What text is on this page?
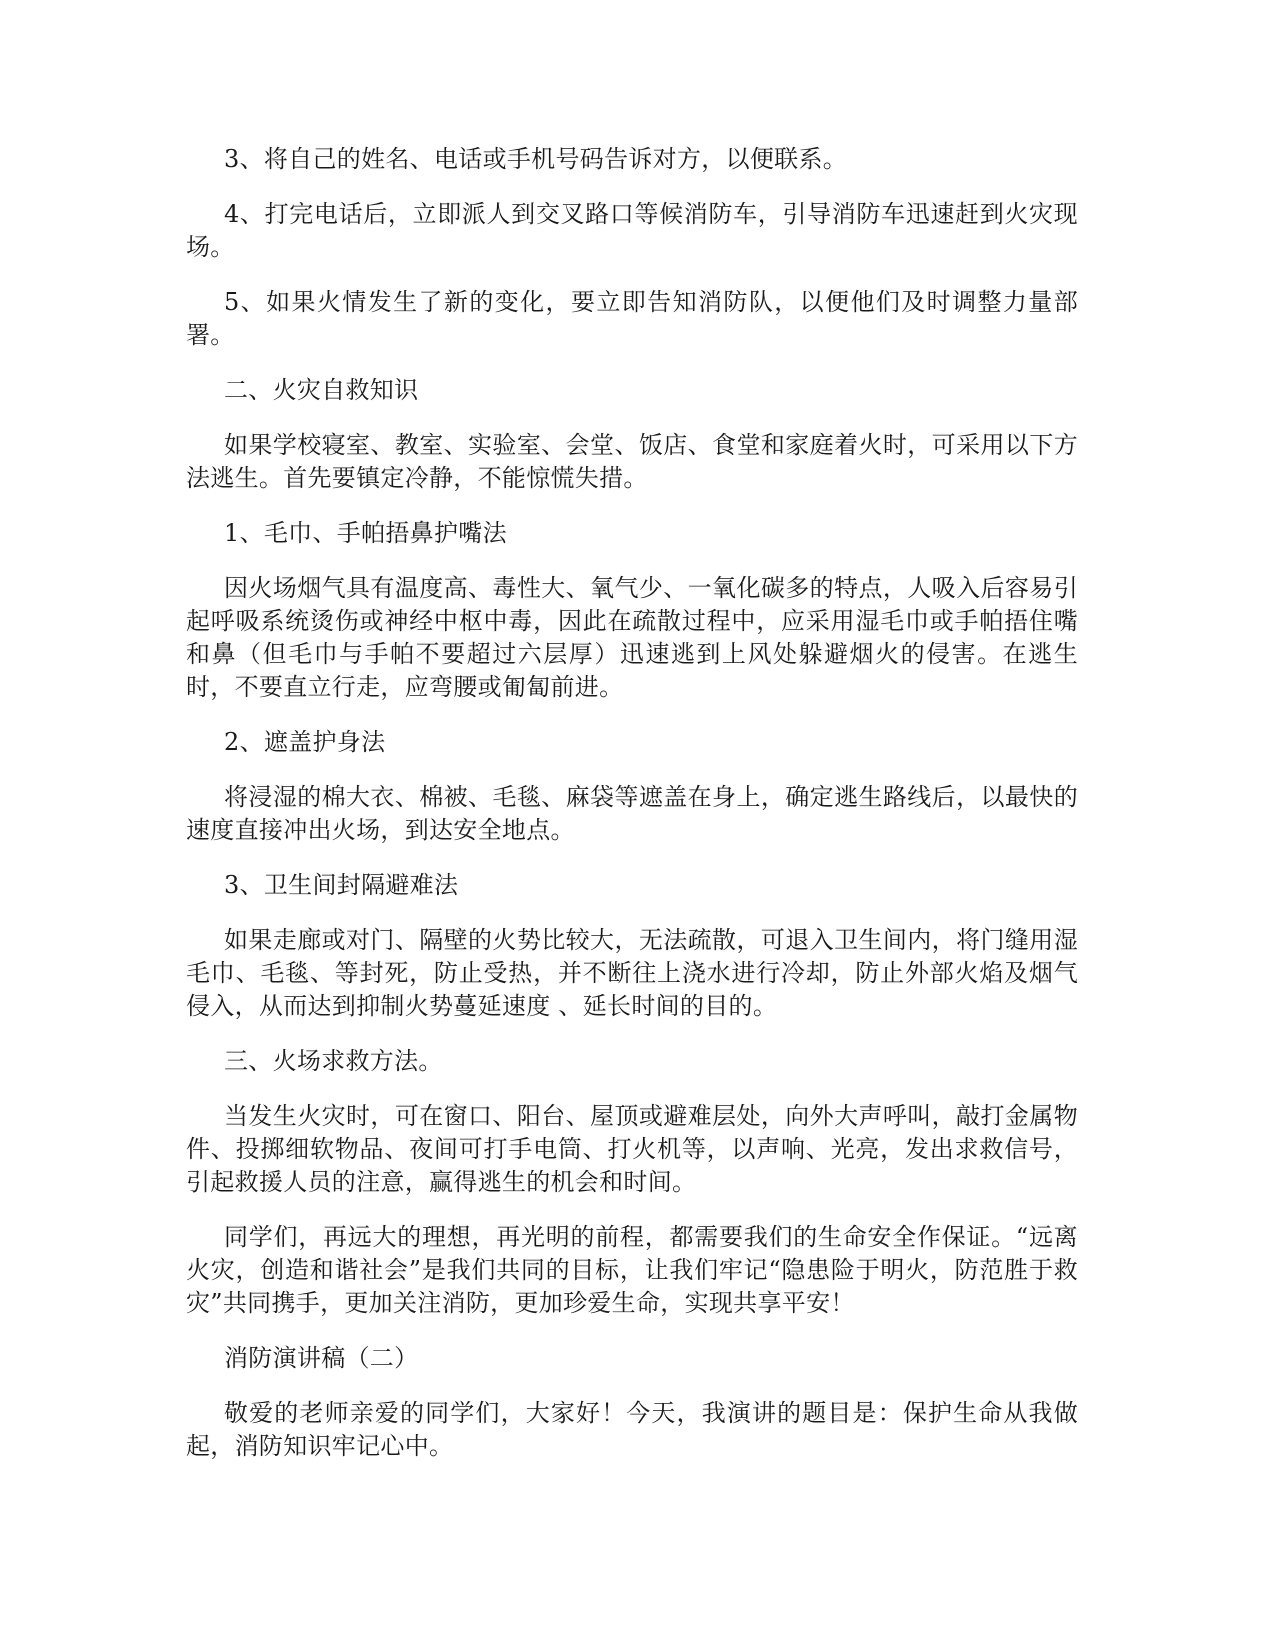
3、将自己的姓名、电话或手机号码告诉对方，以便联系。

4、打完电话后，立即派人到交叉路口等候消防车，引导消防车迅速赶到火灾现场。

5、如果火情发生了新的变化，要立即告知消防队，以便他们及时调整力量部署。

二、火灾自救知识

如果学校寝室、教室、实验室、会堂、饭店、食堂和家庭着火时，可采用以下方法逃生。首先要镇定冷静，不能惊慌失措。

1、毛巾、手帕捂鼻护嘴法

因火场烟气具有温度高、毒性大、氧气少、一氧化碳多的特点，人吸入后容易引起呼吸系统烫伤或神经中枢中毒，因此在疏散过程中，应采用湿毛巾或手帕捂住嘴和鼻（但毛巾与手帕不要超过六层厚）迅速逃到上风处躲避烟火的侵害。在逃生时，不要直立行走，应弯腰或匍匐前进。

2、遮盖护身法

将浸湿的棉大衣、棉被、毛毯、麻袋等遮盖在身上，确定逃生路线后，以最快的速度直接冲出火场，到达安全地点。

3、卫生间封隔避难法

如果走廊或对门、隔壁的火势比较大，无法疏散，可退入卫生间内，将门缝用湿毛巾、毛毯、等封死，防止受热，并不断往上浇水进行冷却，防止外部火焰及烟气侵入，从而达到抑制火势蔓延速度 、延长时间的目的。

三、火场求救方法。

当发生火灾时，可在窗口、阳台、屋顶或避难层处，向外大声呼叫，敲打金属物件、投掷细软物品、夜间可打手电筒、打火机等，以声响、光亮，发出求救信号，引起救援人员的注意，赢得逃生的机会和时间。

同学们，再远大的理想，再光明的前程，都需要我们的生命安全作保证。“远离火灾，创造和谐社会”是我们共同的目标，让我们牢记“隐患险于明火，防范胜于救灾”共同携手，更加关注消防，更加珍爱生命，实现共享平安！

消防演讲稿（二）

敬爱的老师亲爱的同学们，大家好！今天，我演讲的题目是：保护生命从我做起，消防知识牢记心中。
